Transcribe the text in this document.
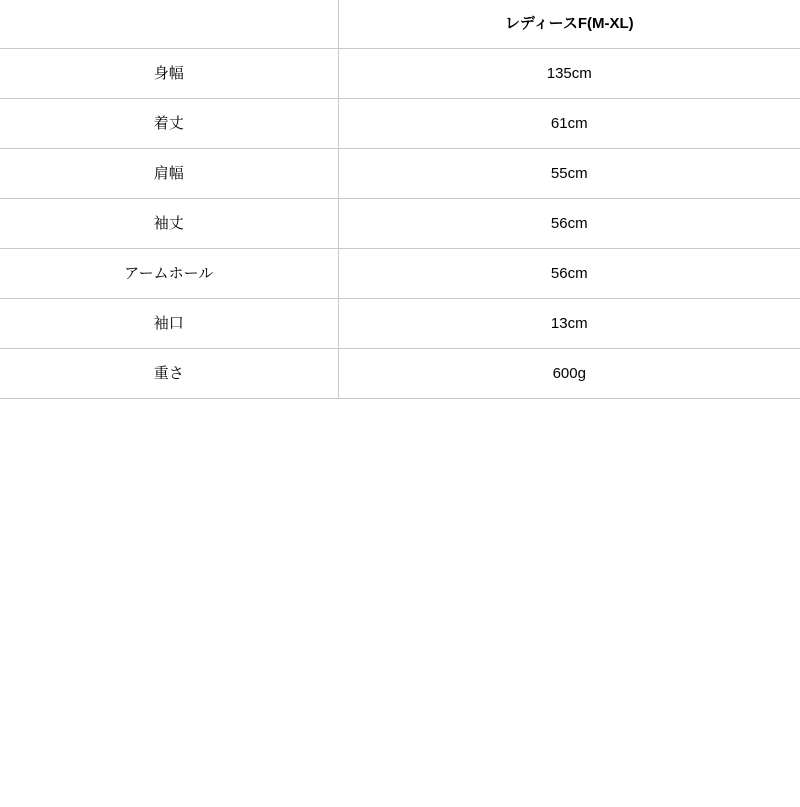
	レディースF(M-XL)
身幅	135cm
着丈	61cm
肩幅	55cm
袖丈	56cm
アームホール	56cm
袖口	13cm
重さ	600g
